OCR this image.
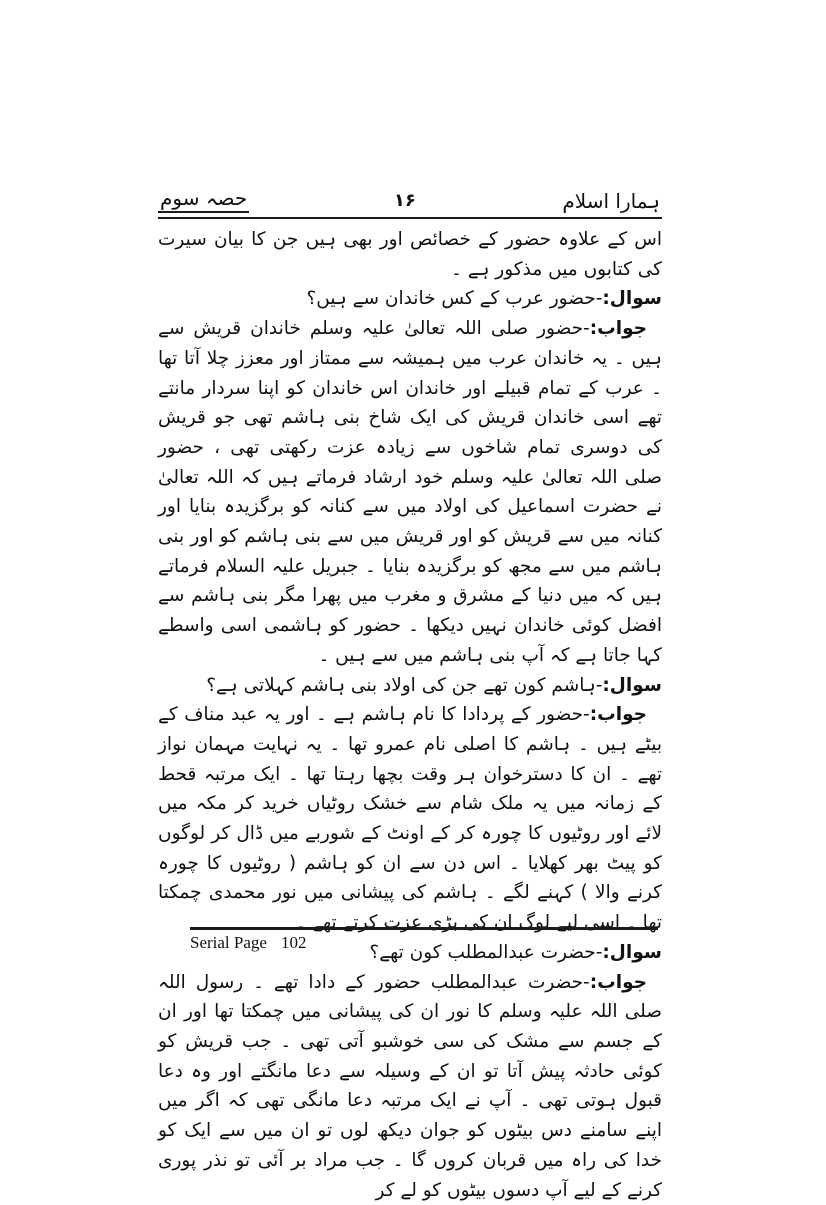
حصہ سوم	۱۶	ہمارا اسلام

اس کے علاوہ حضور کے خصائص اور بھی ہیں جن کا بیان سیرت کی کتابوں میں مذکور ہے ۔

سوال:-حضور عرب کے کس خاندان سے ہیں؟

جواب:-حضور صلی اللہ تعالیٰ علیہ وسلم خاندان قریش سے ہیں ۔ یہ خاندان عرب میں ہمیشہ سے ممتاز اور معزز چلا آتا تھا ۔ عرب کے تمام قبیلے اور خاندان اس خاندان کو اپنا سردار مانتے تھے اسی خاندان قریش کی ایک شاخ بنی ہاشم تھی جو قریش کی دوسری تمام شاخوں سے زیادہ عزت رکھتی تھی ، حضور صلی اللہ تعالیٰ علیہ وسلم خود ارشاد فرماتے ہیں کہ اللہ تعالیٰ نے حضرت اسماعیل کی اولاد میں سے کنانہ کو برگزیدہ بنایا اور کنانہ میں سے قریش کو اور قریش میں سے بنی ہاشم کو اور بنی ہاشم میں سے مجھ کو برگزیدہ بنایا ۔ جبریل علیہ السلام فرماتے ہیں کہ میں دنیا کے مشرق و مغرب میں پھرا مگر بنی ہاشم سے افضل کوئی خاندان نہیں دیکھا ۔ حضور کو ہاشمی اسی واسطے کہا جاتا ہے کہ آپ بنی ہاشم میں سے ہیں ۔

سوال:-ہاشم کون تھے جن کی اولاد بنی ہاشم کہلاتی ہے؟

جواب:-حضور کے پردادا کا نام ہاشم ہے ۔ اور یہ عبد مناف کے بیٹے ہیں ۔ ہاشم کا اصلی نام عمرو تھا ۔ یہ نہایت مہمان نواز تھے ۔ ان کا دسترخوان ہر وقت بچھا رہتا تھا ۔ ایک مرتبہ قحط کے زمانہ میں یہ ملک شام سے خشک روٹیاں خرید کر مکہ میں لائے اور روٹیوں کا چورہ کر کے اونٹ کے شوربے میں ڈال کر لوگوں کو پیٹ بھر کھلایا ۔ اس دن سے ان کو ہاشم ( روٹیوں کا چورہ کرنے والا ) کہنے لگے ۔ ہاشم کی پیشانی میں نور محمدی چمکتا تھا ۔ اسی لیے لوگ ان کی بڑی عزت کرتے تھے ۔

سوال:-حضرت عبدالمطلب کون تھے؟

جواب:-حضرت عبدالمطلب حضور کے دادا تھے ۔ رسول اللہ صلی اللہ علیہ وسلم کا نور ان کی پیشانی میں چمکتا تھا اور ان کے جسم سے مشک کی سی خوشبو آتی تھی ۔ جب قریش کو کوئی حادثہ پیش آتا تو ان کے وسیلہ سے دعا مانگتے اور وہ دعا قبول ہوتی تھی ۔ آپ نے ایک مرتبہ دعا مانگی تھی کہ اگر میں اپنے سامنے دس بیٹوں کو جوان دیکھ لوں تو ان میں سے ایک کو خدا کی راہ میں قربان کروں گا ۔ جب مراد بر آئی تو نذر پوری کرنے کے لیے آپ دسوں بیٹوں کو لے کر

Serial Page 102
